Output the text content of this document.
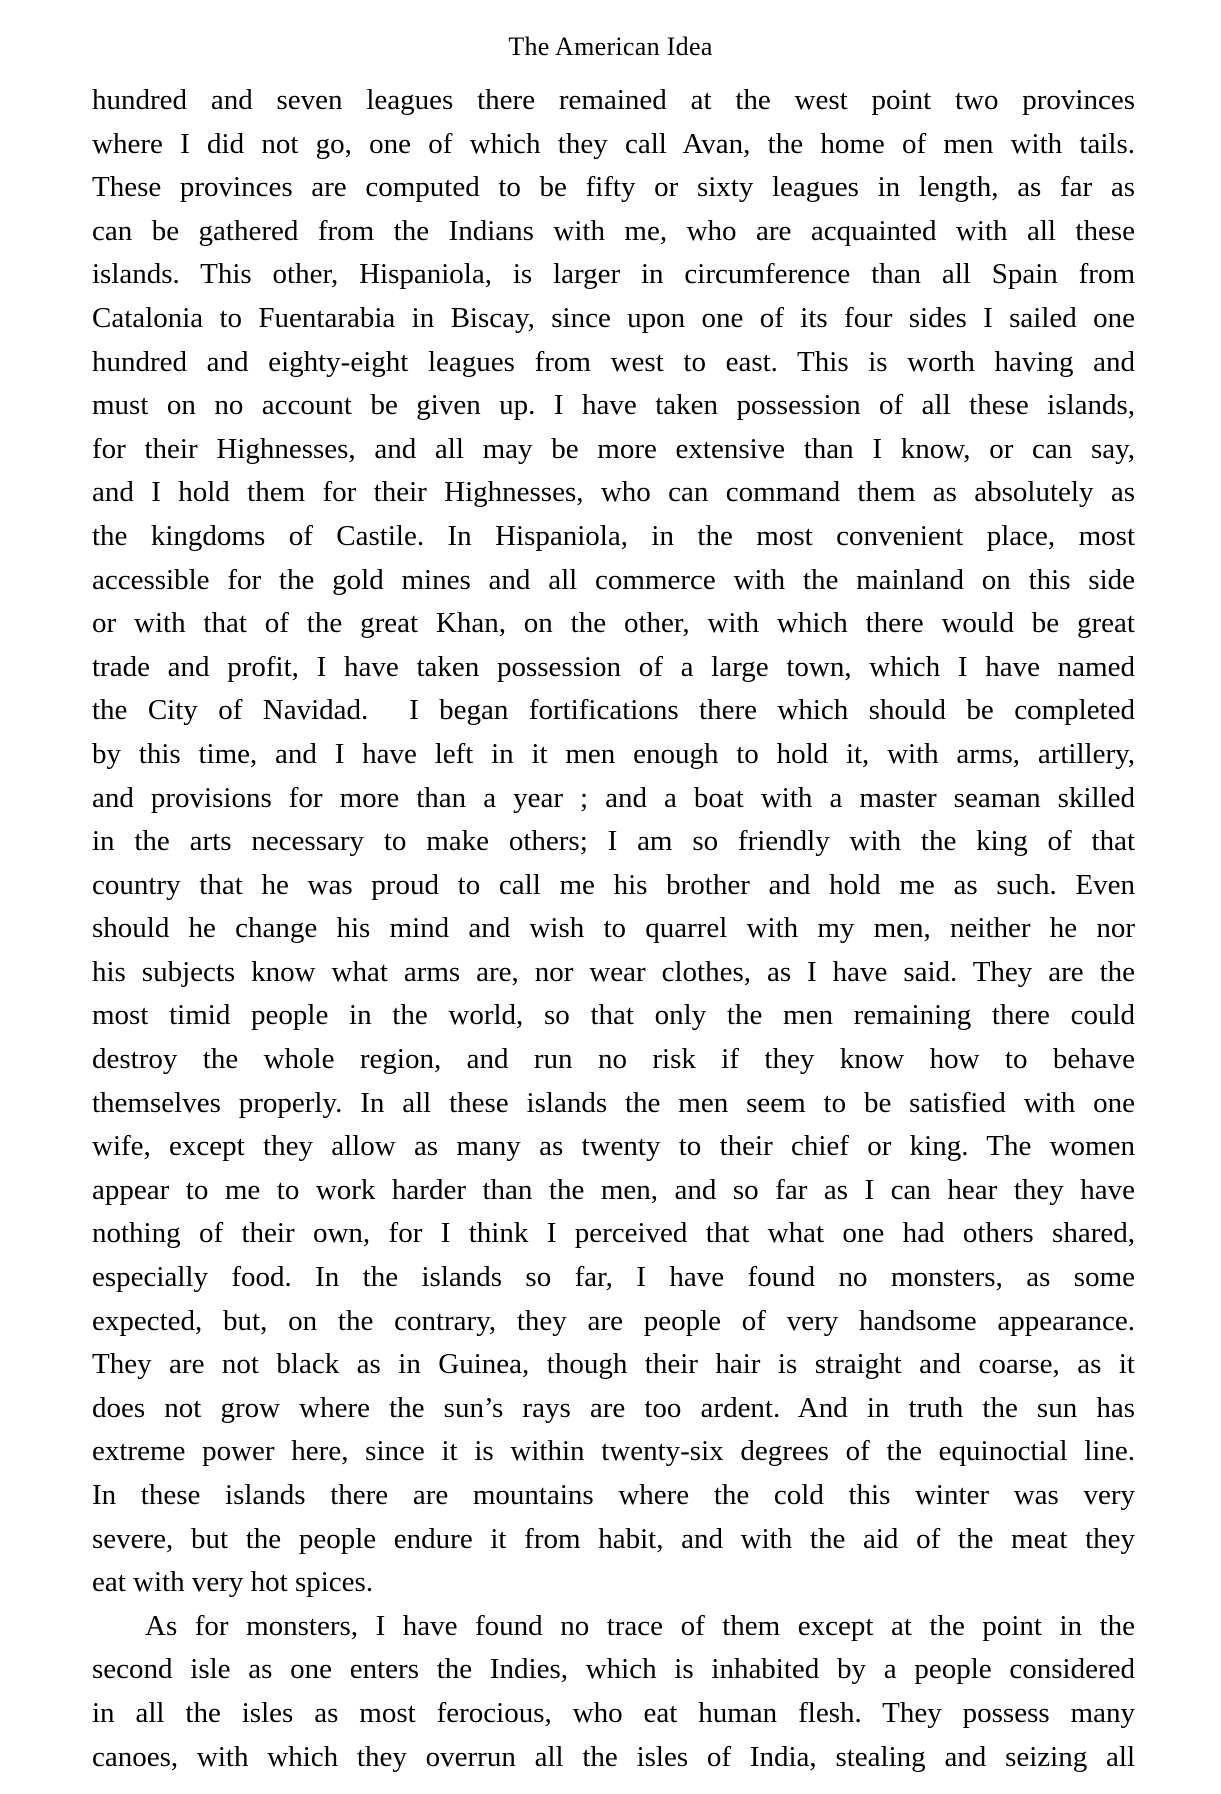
The American Idea
hundred and seven leagues there remained at the west point two provinces
where I did not go, one of which they call Avan, the home of men with tails.
These provinces are computed to be fifty or sixty leagues in length, as far as
can be gathered from the Indians with me, who are acquainted with all these
islands. This other, Hispaniola, is larger in circumference than all Spain from
Catalonia to Fuentarabia in Biscay, since upon one of its four sides I sailed one
hundred and eighty-eight leagues from west to east. This is worth having and
must on no account be given up. I have taken possession of all these islands,
for their Highnesses, and all may be more extensive than I know, or can say,
and I hold them for their Highnesses, who can command them as absolutely as
the kingdoms of Castile. In Hispaniola, in the most convenient place, most
accessible for the gold mines and all commerce with the mainland on this side
or with that of the great Khan, on the other, with which there would be great
trade and profit, I have taken possession of a large town, which I have named
the City of Navidad.  I began fortifications there which should be completed
by this time, and I have left in it men enough to hold it, with arms, artillery,
and provisions for more than a year ; and a boat with a master seaman skilled
in the arts necessary to make others; I am so friendly with the king of that
country that he was proud to call me his brother and hold me as such. Even
should he change his mind and wish to quarrel with my men, neither he nor
his subjects know what arms are, nor wear clothes, as I have said. They are the
most timid people in the world, so that only the men remaining there could
destroy the whole region, and run no risk if they know how to behave
themselves properly. In all these islands the men seem to be satisfied with one
wife, except they allow as many as twenty to their chief or king. The women
appear to me to work harder than the men, and so far as I can hear they have
nothing of their own, for I think I perceived that what one had others shared,
especially food. In the islands so far, I have found no monsters, as some
expected, but, on the contrary, they are people of very handsome appearance.
They are not black as in Guinea, though their hair is straight and coarse, as it
does not grow where the sun’s rays are too ardent. And in truth the sun has
extreme power here, since it is within twenty-six degrees of the equinoctial line.
In these islands there are mountains where the cold this winter was very
severe, but the people endure it from habit, and with the aid of the meat they
eat with very hot spices.
As for monsters, I have found no trace of them except at the point in the
second isle as one enters the Indies, which is inhabited by a people considered
in all the isles as most ferocious, who eat human flesh. They possess many
canoes, with which they overrun all the isles of India, stealing and seizing all
